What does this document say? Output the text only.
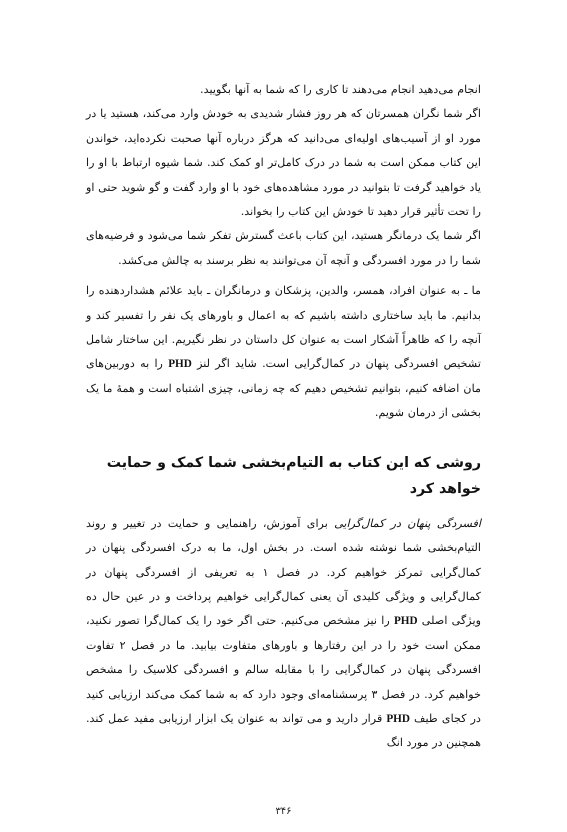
انجام می‌دهید انجام می‌دهند تا کاری را که شما به آنها بگویید.

اگر شما نگران همسرتان که هر روز فشار شدیدی به خودش وارد می‌کند، هستید یا در مورد او از آسیب‌های اولیه‌ای می‌دانید که هرگز درباره آنها صحبت نکرده‌اید، خواندن این کتاب ممکن است به شما در درک کامل‌تر او کمک کند. شما شیوه ارتباط با او را یاد خواهید گرفت تا بتوانید در مورد مشاهده‌های خود با او وارد گفت و گو شوید حتی او را تحت تأثیر قرار دهید تا خودش این کتاب را بخواند.

اگر شما یک درمانگر هستید، این کتاب باعث گسترش تفکر شما می‌شود و فرضیه‌های شما را در مورد افسردگی و آنچه آن می‌توانند به نظر برسند به چالش می‌کشد.

ما ـ به عنوان افراد، همسر، والدین، پزشکان و درمانگران ـ باید علائم هشداردهنده را بدانیم. ما باید ساختاری داشته باشیم که به اعمال و باورهای یک نفر را تفسیر کند و آنچه را که ظاهراً آشکار است به عنوان کل داستان در نظر نگیریم. این ساختار شامل تشخیص افسردگی پنهان در کمال‌گرایی است. شاید اگر لنز PHD را به دوربین‌های مان اضافه کنیم، بتوانیم تشخیص دهیم که چه زمانی، چیزی اشتباه است و همهٔ ما یک بخشی از درمان شویم.

روشی که این کتاب به التیام‌بخشی شما کمک و حمایت خواهد کرد

افسردگی پنهان در کمال‌گرایی برای آموزش، راهنمایی و حمایت در تغییر و روند التیام‌بخشی شما نوشته شده است. در بخش اول، ما به درک افسردگی پنهان در کمال‌گرایی تمرکز خواهیم کرد. در فصل ۱ به تعریفی از افسردگی پنهان در کمال‌گرایی و ویژگی کلیدی آن یعنی کمال‌گرایی خواهیم پرداخت و در عین حال ده ویژگی اصلی PHD را نیز مشخص می‌کنیم. حتی اگر خود را یک کمال‌گرا تصور نکنید، ممکن است خود را در این رفتارها و باورهای متفاوت بیابید. ما در فصل ۲ تفاوت افسردگی پنهان در کمال‌گرایی را با مقابله سالم و افسردگی کلاسیک را مشخص خواهیم کرد. در فصل ۳ پرسشنامه‌ای وجود دارد که به شما کمک می‌کند ارزیابی کنید در کجای طیف PHD قرار دارید و می‌ تواند به عنوان یک ابزار ارزیابی مفید عمل کند. همچنین در مورد انگ

۳۴۶
